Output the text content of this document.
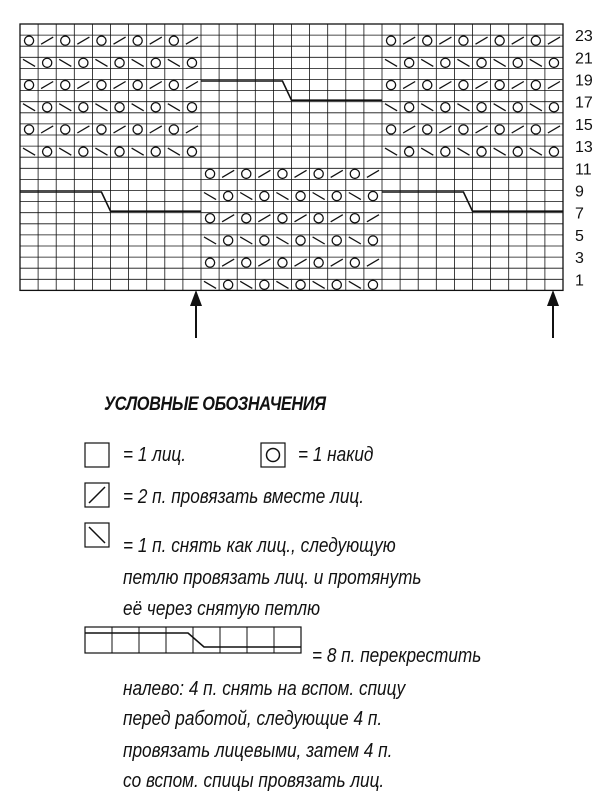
23
21
19
17
15
13
11
9
7
5
3
1
УСЛОВНЫЕ ОБОЗНАЧЕНИЯ
= 1 лиц.	= 1 накид
= 2 п. провязать вместе лиц.
= 1 п. снять как лиц., следующую
петлю провязать лиц. и протянуть
её через снятую петлю
= 8 п. перекрестить
налево: 4 п. снять на вспом. спицу
перед работой, следующие 4 п.
провязать лицевыми, затем 4 п.
со вспом. спицы провязать лиц.
